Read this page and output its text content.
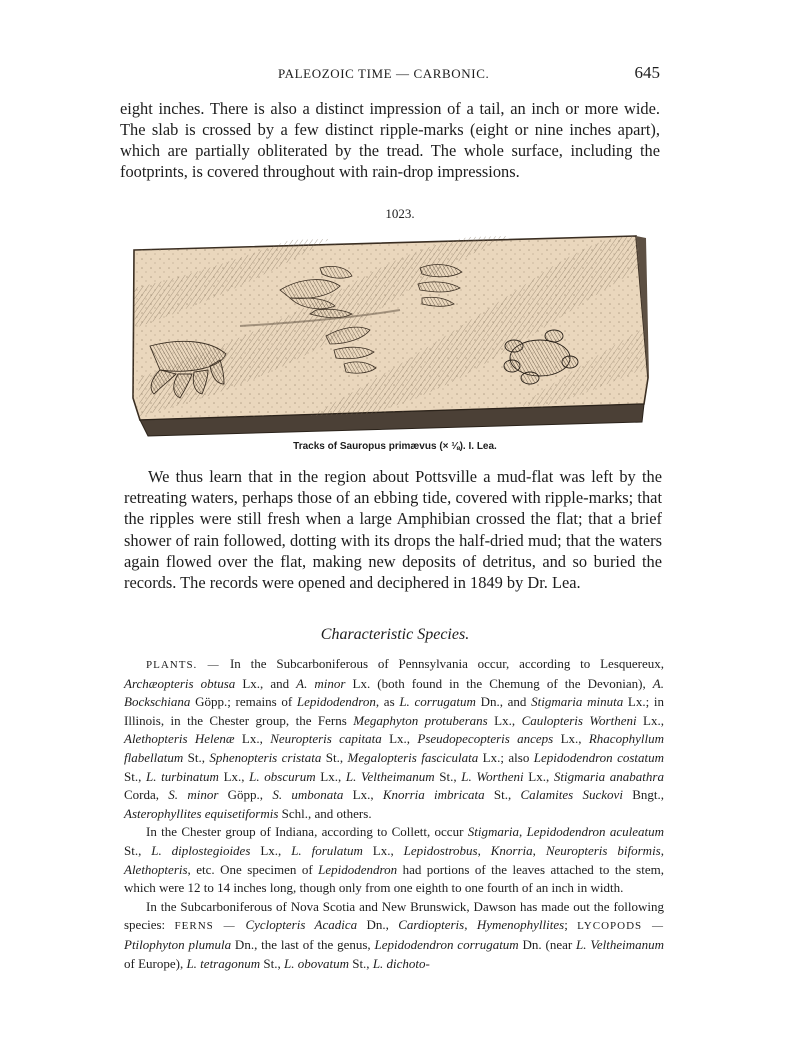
PALEOZOIC TIME — CARBONIC.	645

eight inches. There is also a distinct impression of a tail, an inch or more wide. The slab is crossed by a few distinct ripple-marks (eight or nine inches apart), which are partially obliterated by the tread. The whole surface, including the footprints, is covered throughout with rain-drop impressions.

1023.

Tracks of Sauropus primævus (× ⅛). I. Lea.

We thus learn that in the region about Pottsville a mud-flat was left by the retreating waters, perhaps those of an ebbing tide, covered with ripple-marks; that the ripples were still fresh when a large Amphibian crossed the flat; that a brief shower of rain followed, dotting with its drops the half-dried mud; that the waters again flowed over the flat, making new deposits of detritus, and so buried the records. The records were opened and deciphered in 1849 by Dr. Lea.

Characteristic Species.

PLANTS. — In the Subcarboniferous of Pennsylvania occur, according to Lesquereux, Archæopteris obtusa Lx., and A. minor Lx. (both found in the Chemung of the Devonian), A. Bockschiana Göpp.; remains of Lepidodendron, as L. corrugatum Dn., and Stigmaria minuta Lx.; in Illinois, in the Chester group, the Ferns Megaphyton protuberans Lx., Caulopteris Wortheni Lx., Alethopteris Helenæ Lx., Neuropteris capitata Lx., Pseudopecopteris anceps Lx., Rhacophyllum flabellatum St., Sphenopteris cristata St., Megalopteris fasciculata Lx.; also Lepidodendron costatum St., L. turbinatum Lx., L. obscurum Lx., L. Veltheimanum St., L. Wortheni Lx., Stigmaria anabathra Corda, S. minor Göpp., S. umbonata Lx., Knorria imbricata St., Calamites Suckovi Bngt., Asterophyllites equisetiformis Schl., and others.

In the Chester group of Indiana, according to Collett, occur Stigmaria, Lepidodendron aculeatum St., L. diplostegioides Lx., L. forulatum Lx., Lepidostrobus, Knorria, Neuropteris biformis, Alethopteris, etc. One specimen of Lepidodendron had portions of the leaves attached to the stem, which were 12 to 14 inches long, though only from one eighth to one fourth of an inch in width.

In the Subcarboniferous of Nova Scotia and New Brunswick, Dawson has made out the following species: FERNS — Cyclopteris Acadica Dn., Cardiopteris, Hymenophyllites; LYCOPODS — Ptilophyton plumula Dn., the last of the genus, Lepidodendron corrugatum Dn. (near L. Veltheimanum of Europe), L. tetragonum St., L. obovatum St., L. dichoto-
